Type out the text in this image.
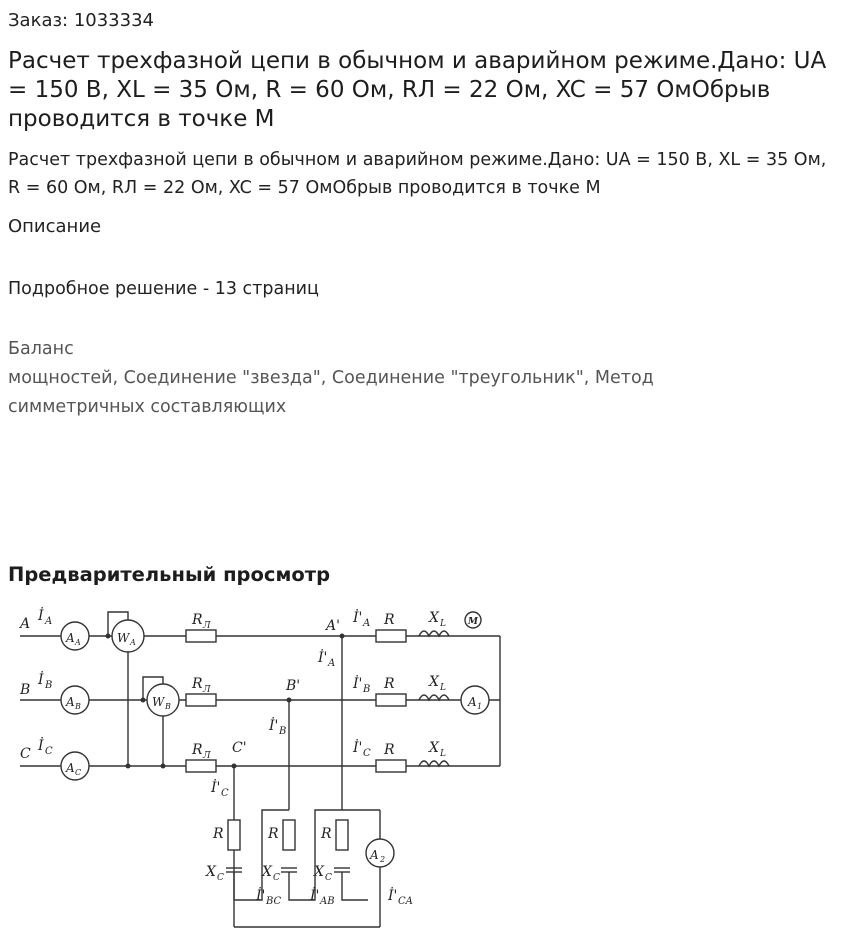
Заказ: 1033334
Расчет трехфазной цепи в обычном и аварийном режиме.Дано: UA = 150 В, XL = 35 Ом, R = 60 Ом, RЛ = 22 Ом, XC = 57 ОмОбрыв проводится в точке М
Расчет трехфазной цепи в обычном и аварийном режиме.Дано: UA = 150 В, XL = 35 Ом, R = 60 Ом, RЛ = 22 Ом, XC = 57 ОмОбрыв проводится в точке М
Описание
Подробное решение - 13 страниц
Баланс
мощностей, Соединение "звезда", Соединение "треугольник", Метод
симметричных составляющих
Предварительный просмотр
A İ A
B
İ B
C İ C
A A
A B
A C
W A
W B
R Л
R Л
R Л
A'
B'
C'
İ' A
İ' A
İ' B
İ' B
İ' C
İ' C
R
R
R
X L
X L
X L
M
A 1
A 2
R	R	R
X C	X C X C
İ' BC İ' AB	İ' CA
